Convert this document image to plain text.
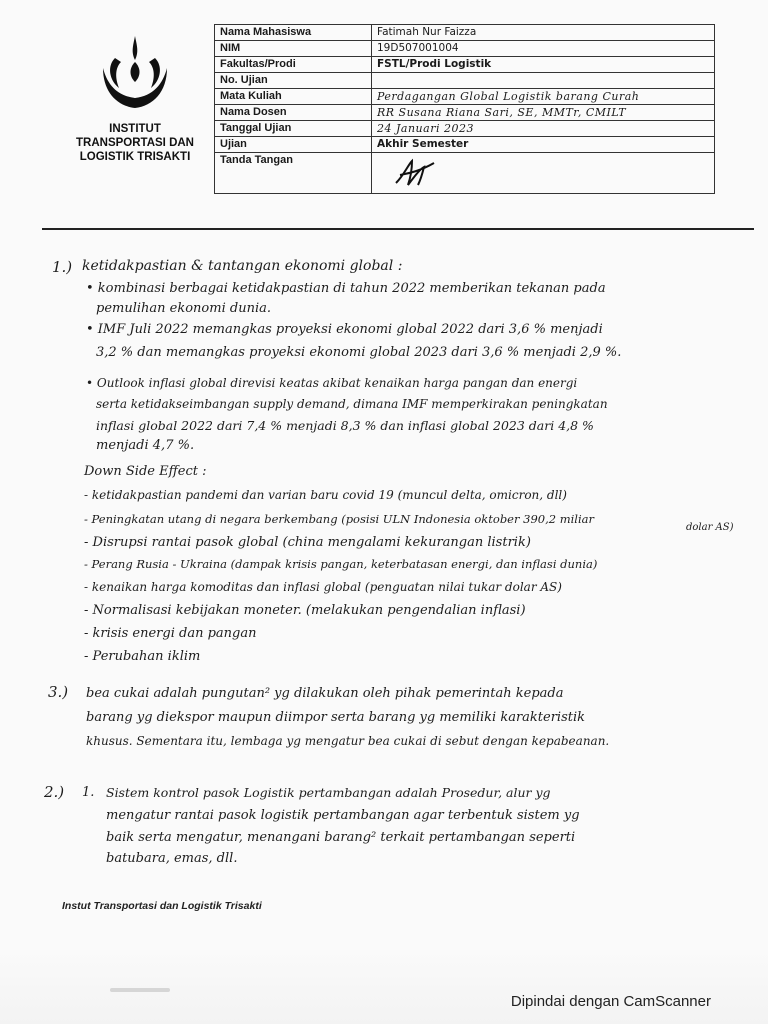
INSTITUT
TRANSPORTASI DAN
LOGISTIK TRISAKTI
Nama Mahasiswa	Fatimah Nur Faizza
NIM	19D507001004
Fakultas/Prodi	FSTL/Prodi Logistik
No. Ujian	
Mata Kuliah	Perdagangan Global Logistik barang Curah
Nama Dosen	RR Susana Riana Sari, SE, MMTr, CMILT
Tanggal Ujian	24 Januari 2023
Ujian	Akhir Semester
Tanda Tangan	
1.) ketidakpastian & tantangan ekonomi global :
• kombinasi berbagai ketidakpastian di tahun 2022 memberikan tekanan pada
pemulihan ekonomi dunia.
• IMF Juli 2022 memangkas proyeksi ekonomi global 2022 dari 3,6 % menjadi
3,2 % dan memangkas proyeksi ekonomi global 2023 dari 3,6 % menjadi 2,9 %.
• Outlook inflasi global direvisi keatas akibat kenaikan harga pangan dan energi
serta ketidakseimbangan supply demand, dimana IMF memperkirakan peningkatan
inflasi global 2022 dari 7,4 % menjadi 8,3 % dan inflasi global 2023 dari 4,8 %
menjadi 4,7 %.
Down Side Effect :
- ketidakpastian pandemi dan varian baru covid 19 (muncul delta, omicron, dll)
- Peningkatan utang di negara berkembang (posisi ULN Indonesia oktober 390,2 miliar
dolar AS)
- Disrupsi rantai pasok global (china mengalami kekurangan listrik)
- Perang Rusia - Ukraina (dampak krisis pangan, keterbatasan energi, dan inflasi dunia)
- kenaikan harga komoditas dan inflasi global (penguatan nilai tukar dolar AS)
- Normalisasi kebijakan moneter. (melakukan pengendalian inflasi)
- krisis energi dan pangan
- Perubahan iklim
3.) bea cukai adalah pungutan² yg dilakukan oleh pihak pemerintah kepada
barang yg diekspor maupun diimpor serta barang yg memiliki karakteristik
khusus. Sementara itu, lembaga yg mengatur bea cukai di sebut dengan kepabeanan.
2.) 1. Sistem kontrol pasok Logistik pertambangan adalah Prosedur, alur yg
mengatur rantai pasok logistik pertambangan agar terbentuk sistem yg
baik serta mengatur, menangani barang² terkait pertambangan seperti
batubara, emas, dll.
Instut Transportasi dan Logistik Trisakti
Dipindai dengan CamScanner
